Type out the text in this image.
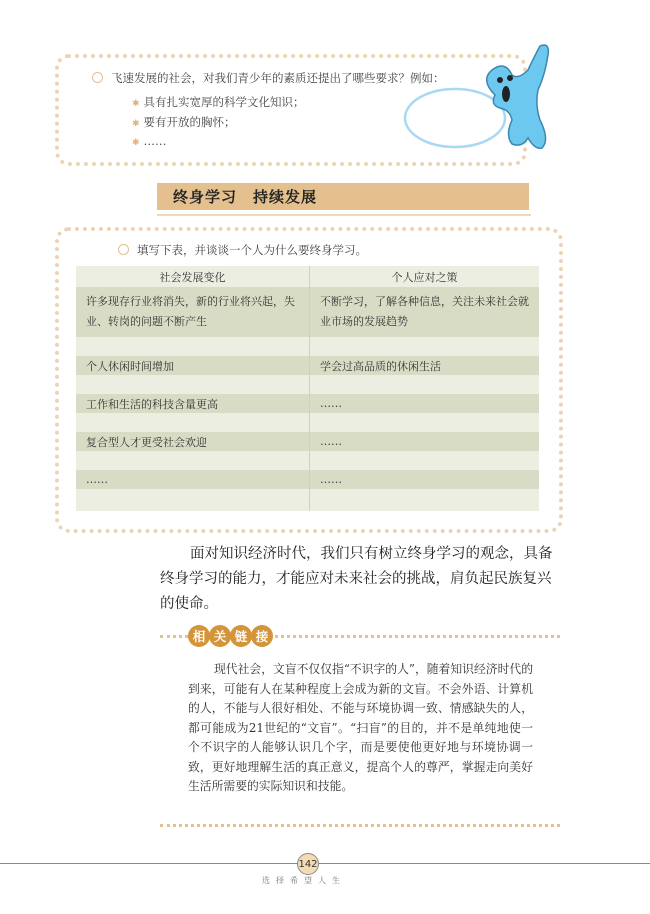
飞速发展的社会，对我们青少年的素质还提出了哪些要求？例如：
✱ 具有扎实宽厚的科学文化知识；
✱ 要有开放的胸怀；
✱ ……
终身学习　持续发展
填写下表，并谈谈一个人为什么要终身学习。
社会发展变化	个人应对之策
许多现存行业将消失，新的行业将兴起，失业、转岗的问题不断产生	不断学习，了解各种信息，关注未来社会就业市场的发展趋势

个人休闲时间增加	学会过高品质的休闲生活

工作和生活的科技含量更高	……

复合型人才更受社会欢迎	……

……	……

面对知识经济时代，我们只有树立终身学习的观念，具备终身学习的能力，才能应对未来社会的挑战，肩负起民族复兴的使命。
相 关 链 接
现代社会，文盲不仅仅指“不识字的人”，随着知识经济时代的到来，可能有人在某种程度上会成为新的文盲。不会外语、计算机的人，不能与人很好相处、不能与环境协调一致、情感缺失的人，都可能成为21世纪的“文盲”。“扫盲”的目的，并不是单纯地使一个不识字的人能够认识几个字，而是要使他更好地与环境协调一致，更好地理解生活的真正意义，提高个人的尊严，掌握走向美好生活所需要的实际知识和技能。
142
选择希望人生
